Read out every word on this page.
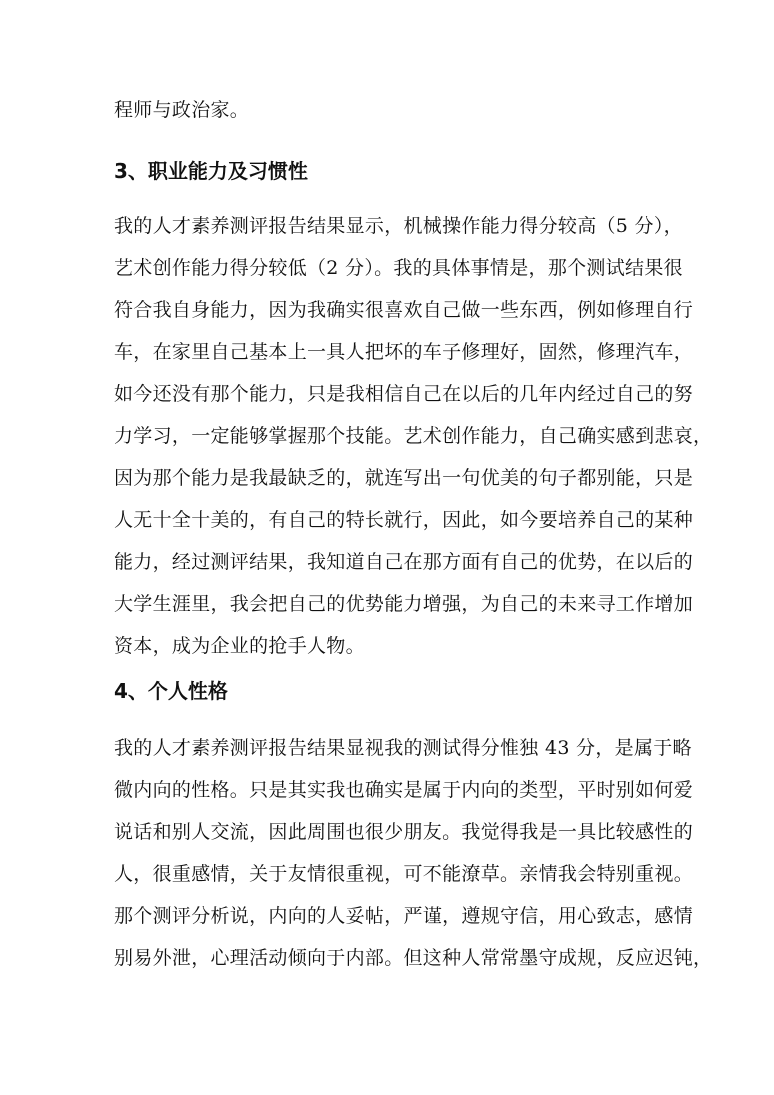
程师与政治家。
3、职业能力及习惯性
我的人才素养测评报告结果显示，机械操作能力得分较高（5 分），
艺术创作能力得分较低（2 分）。我的具体事情是，那个测试结果很
符合我自身能力，因为我确实很喜欢自己做一些东西，例如修理自行
车，在家里自己基本上一具人把坏的车子修理好，固然，修理汽车，
如今还没有那个能力，只是我相信自己在以后的几年内经过自己的努
力学习，一定能够掌握那个技能。艺术创作能力，自己确实感到悲哀，
因为那个能力是我最缺乏的，就连写出一句优美的句子都别能，只是
人无十全十美的，有自己的特长就行，因此，如今要培养自己的某种
能力，经过测评结果，我知道自己在那方面有自己的优势，在以后的
大学生涯里，我会把自己的优势能力增强，为自己的未来寻工作增加
资本，成为企业的抢手人物。
4、个人性格
我的人才素养测评报告结果显视我的测试得分惟独 43 分，是属于略
微内向的性格。只是其实我也确实是属于内向的类型，平时别如何爱
说话和别人交流，因此周围也很少朋友。我觉得我是一具比较感性的
人，很重感情，关于友情很重视，可不能潦草。亲情我会特别重视。
那个测评分析说，内向的人妥帖，严谨，遵规守信，用心致志，感情
别易外泄，心理活动倾向于内部。但这种人常常墨守成规，反应迟钝，
